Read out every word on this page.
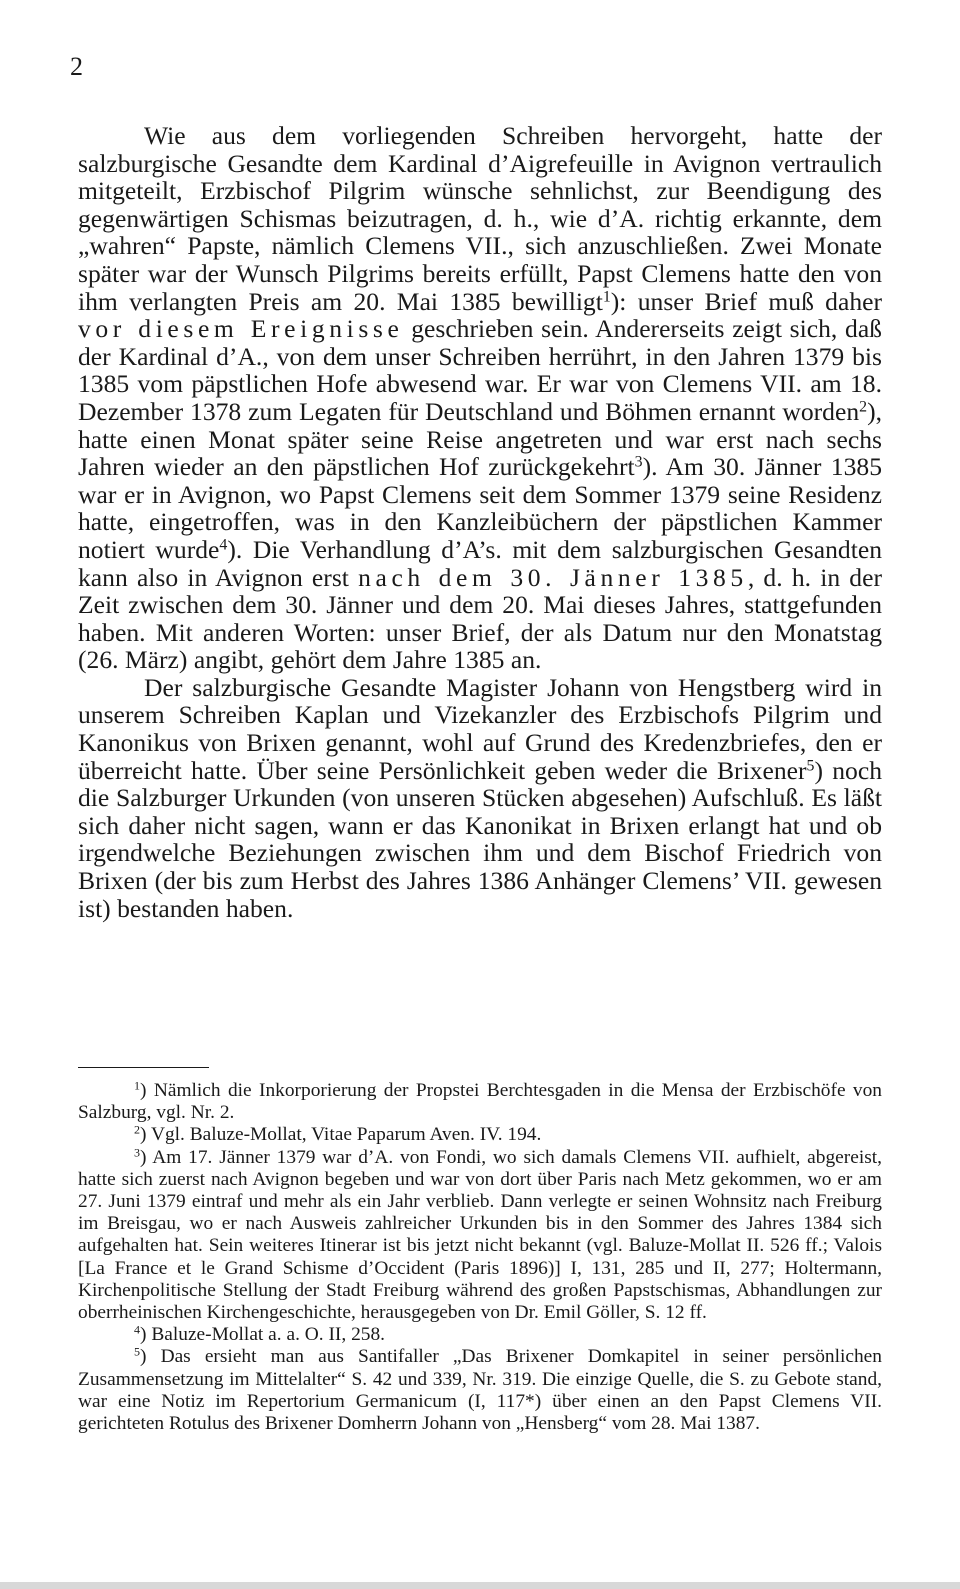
2

Wie aus dem vorliegenden Schreiben hervorgeht, hatte der salzburgische Gesandte dem Kardinal d’Aigrefeuille in Avignon vertraulich mitgeteilt, Erzbischof Pilgrim wünsche sehnlichst, zur Beendigung des gegenwärtigen Schismas beizutragen, d. h., wie d’A. richtig erkannte, dem „wahren“ Papste, nämlich Clemens VII., sich anzuschließen. Zwei Monate später war der Wunsch Pilgrims bereits erfüllt, Papst Clemens hatte den von ihm verlangten Preis am 20. Mai 1385 bewilligt$^1$): unser Brief muß daher vor diesem Ereignisse geschrieben sein. Andererseits zeigt sich, daß der Kardinal d’A., von dem unser Schreiben herrührt, in den Jahren 1379 bis 1385 vom päpstlichen Hofe abwesend war. Er war von Clemens VII. am 18. Dezember 1378 zum Legaten für Deutschland und Böhmen ernannt worden$^2$), hatte einen Monat später seine Reise angetreten und war erst nach sechs Jahren wieder an den päpstlichen Hof zurückgekehrt$^3$). Am 30. Jänner 1385 war er in Avignon, wo Papst Clemens seit dem Sommer 1379 seine Residenz hatte, eingetroffen, was in den Kanzleibüchern der päpstlichen Kammer notiert wurde$^4$). Die Verhandlung d’A’s. mit dem salzburgischen Gesandten kann also in Avignon erst nach dem 30. Jänner 1385, d. h. in der Zeit zwischen dem 30. Jänner und dem 20. Mai dieses Jahres, stattgefunden haben. Mit anderen Worten: unser Brief, der als Datum nur den Monatstag (26. März) angibt, gehört dem Jahre 1385 an.

Der salzburgische Gesandte Magister Johann von Hengstberg wird in unserem Schreiben Kaplan und Vizekanzler des Erzbischofs Pilgrim und Kanonikus von Brixen genannt, wohl auf Grund des Kredenzbriefes, den er überreicht hatte. Über seine Persönlichkeit geben weder die Brixener$^5$) noch die Salzburger Urkunden (von unseren Stücken abgesehen) Aufschluß. Es läßt sich daher nicht sagen, wann er das Kanonikat in Brixen erlangt hat und ob irgendwelche Beziehungen zwischen ihm und dem Bischof Friedrich von Brixen (der bis zum Herbst des Jahres 1386 Anhänger Clemens’ VII. gewesen ist) bestanden haben.

$^1$) Nämlich die Inkorporierung der Propstei Berchtesgaden in die Mensa der Erzbischöfe von Salzburg, vgl. Nr. 2.

$^2$) Vgl. Baluze-Mollat, Vitae Paparum Aven. IV. 194.

$^3$) Am 17. Jänner 1379 war d’A. von Fondi, wo sich damals Clemens VII. aufhielt, abgereist, hatte sich zuerst nach Avignon begeben und war von dort über Paris nach Metz gekommen, wo er am 27. Juni 1379 eintraf und mehr als ein Jahr verblieb. Dann verlegte er seinen Wohnsitz nach Freiburg im Breisgau, wo er nach Ausweis zahlreicher Urkunden bis in den Sommer des Jahres 1384 sich aufgehalten hat. Sein weiteres Itinerar ist bis jetzt nicht bekannt (vgl. Baluze-Mollat II. 526 ff.; Valois [La France et le Grand Schisme d’Occident (Paris 1896)] I, 131, 285 und II, 277; Holtermann, Kirchenpolitische Stellung der Stadt Freiburg während des großen Papstschismas, Abhandlungen zur oberrheinischen Kirchengeschichte, herausgegeben von Dr. Emil Göller, S. 12 ff.

$^4$) Baluze-Mollat a. a. O. II, 258.

$^5$) Das ersieht man aus Santifaller „Das Brixener Domkapitel in seiner persönlichen Zusammensetzung im Mittelalter“ S. 42 und 339, Nr. 319. Die einzige Quelle, die S. zu Gebote stand, war eine Notiz im Repertorium Germanicum (I, 117*) über einen an den Papst Clemens VII. gerichteten Rotulus des Brixener Domherrn Johann von „Hensberg“ vom 28. Mai 1387.
